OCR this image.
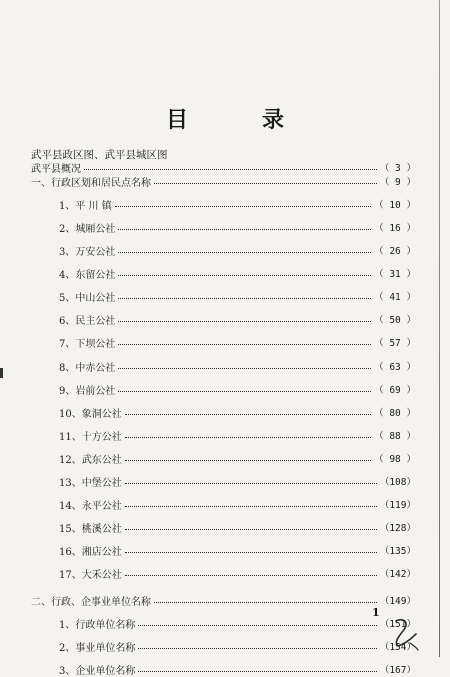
目　录
武平县政区图、武平县城区图
武平县概况	（ 3 ）
一、行政区划和居民点名称	（ 9 ）
1、平 川 镇	（ 10 ）
2、城厢公社	（ 16 ）
3、万安公社	（ 26 ）
4、东留公社	（ 31 ）
5、中山公社	（ 41 ）
6、民主公社	（ 50 ）
7、下坝公社	（ 57 ）
8、中赤公社	（ 63 ）
9、岩前公社	（ 69 ）
10、象洞公社	（ 80 ）
11、十方公社	（ 88 ）
12、武东公社	（ 98 ）
13、中堡公社	（108）
14、永平公社	（119）
15、桃溪公社	（128）
16、湘店公社	（135）
17、大禾公社	（142）
二、行政、企事业单位名称	（149）
1、行政单位名称	（151）
2、事业单位名称	（154）
3、企业单位名称	（167）
1
